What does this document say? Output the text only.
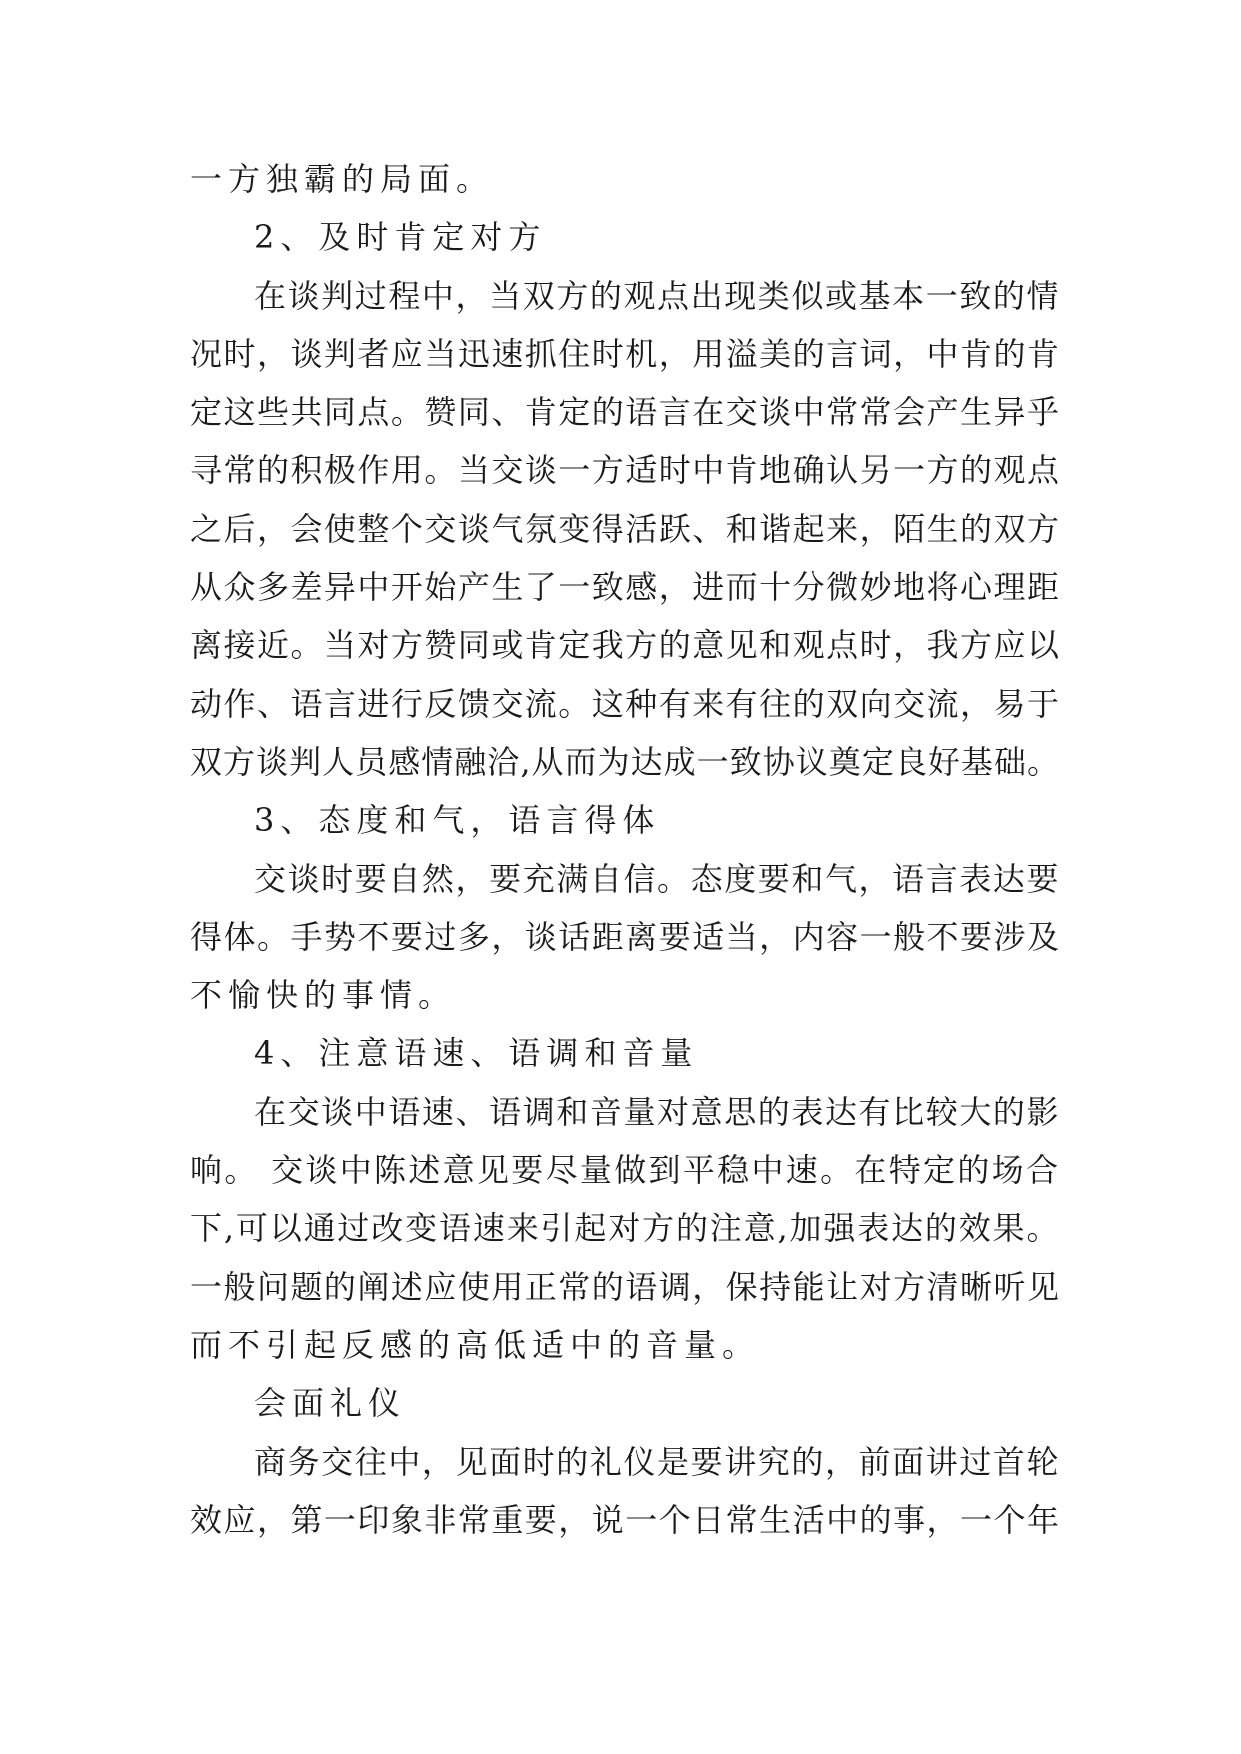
一方独霸的局面。
2、及时肯定对方
在谈判过程中，当双方的观点出现类似或基本一致的情
况时，谈判者应当迅速抓住时机，用溢美的言词，中肯的肯
定这些共同点。赞同、肯定的语言在交谈中常常会产生异乎
寻常的积极作用。当交谈一方适时中肯地确认另一方的观点
之后，会使整个交谈气氛变得活跃、和谐起来，陌生的双方
从众多差异中开始产生了一致感，进而十分微妙地将心理距
离接近。当对方赞同或肯定我方的意见和观点时，我方应以
动作、语言进行反馈交流。这种有来有往的双向交流，易于
双方谈判人员感情融洽,从而为达成一致协议奠定良好基础。
3、态度和气，语言得体
交谈时要自然，要充满自信。态度要和气，语言表达要
得体。手势不要过多，谈话距离要适当，内容一般不要涉及
不愉快的事情。
4、注意语速、语调和音量
在交谈中语速、语调和音量对意思的表达有比较大的影
响。 交谈中陈述意见要尽量做到平稳中速。在特定的场合
下,可以通过改变语速来引起对方的注意,加强表达的效果。
一般问题的阐述应使用正常的语调，保持能让对方清晰听见
而不引起反感的高低适中的音量。
会面礼仪
商务交往中，见面时的礼仪是要讲究的，前面讲过首轮
效应，第一印象非常重要，说一个日常生活中的事，一个年
